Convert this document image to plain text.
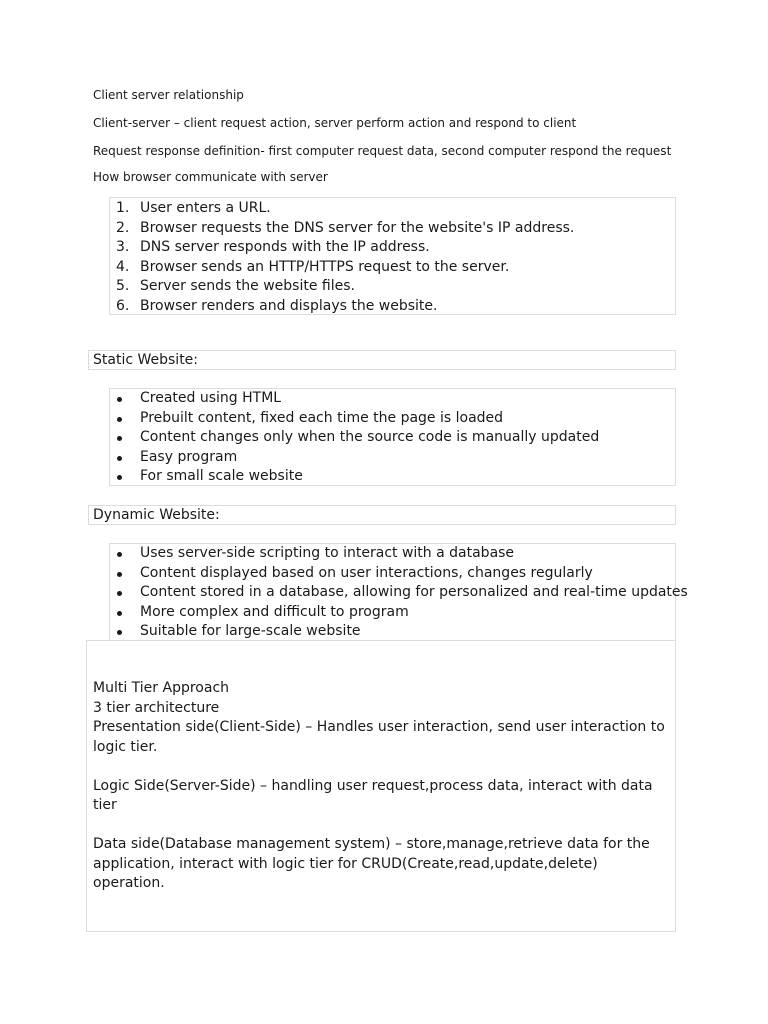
Client server relationship
Client-server – client request action, server perform action and respond to client
Request response definition- first computer request data, second computer respond the request
How browser communicate with server
1. User enters a URL.
2. Browser requests the DNS server for the website's IP address.
3. DNS server responds with the IP address.
4. Browser sends an HTTP/HTTPS request to the server.
5. Server sends the website files.
6. Browser renders and displays the website.
Static Website:
Created using HTML
Prebuilt content, fixed each time the page is loaded
Content changes only when the source code is manually updated
Easy program
For small scale website
Dynamic Website:
Uses server-side scripting to interact with a database
Content displayed based on user interactions, changes regularly
Content stored in a database, allowing for personalized and real-time updates
More complex and difficult to program
Suitable for large-scale website

Multi Tier Approach

3 tier architecture

Presentation side(Client-Side) – Handles user interaction, send user interaction to logic tier.

Logic Side(Server-Side) – handling user request,process data, interact with data tier

Data side(Database management system) – store,manage,retrieve data for the application, interact with logic tier for CRUD(Create,read,update,delete) operation.
